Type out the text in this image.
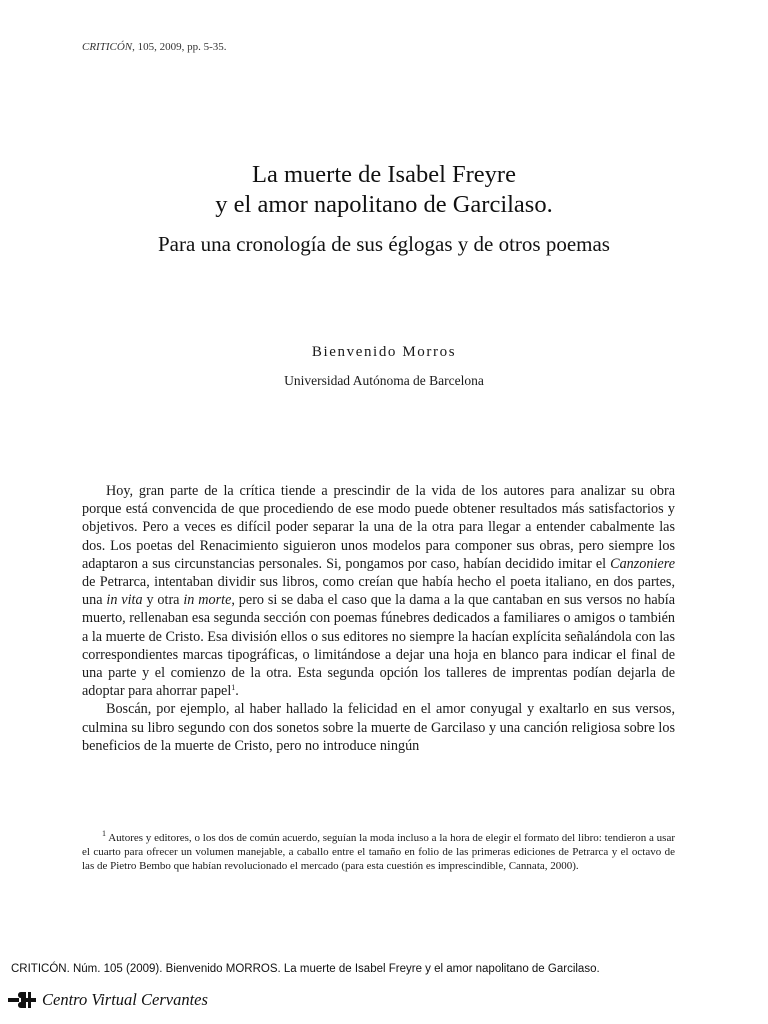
CRITICÓN, 105, 2009, pp. 5-35.
La muerte de Isabel Freyre
y el amor napolitano de Garcilaso.
Para una cronología de sus églogas y de otros poemas
Bienvenido Morros
Universidad Autónoma de Barcelona

Hoy, gran parte de la crítica tiende a prescindir de la vida de los autores para analizar su obra porque está convencida de que procediendo de ese modo puede obtener resultados más satisfactorios y objetivos. Pero a veces es difícil poder separar la una de la otra para llegar a entender cabalmente las dos. Los poetas del Renacimiento siguieron unos modelos para componer sus obras, pero siempre los adaptaron a sus circunstancias personales. Si, pongamos por caso, habían decidido imitar el Canzoniere de Petrarca, intentaban dividir sus libros, como creían que había hecho el poeta italiano, en dos partes, una in vita y otra in morte, pero si se daba el caso que la dama a la que cantaban en sus versos no había muerto, rellenaban esa segunda sección con poemas fúnebres dedicados a familiares o amigos o también a la muerte de Cristo. Esa división ellos o sus editores no siempre la hacían explícita señalándola con las correspondientes marcas tipográficas, o limitándose a dejar una hoja en blanco para indicar el final de una parte y el comienzo de la otra. Esta segunda opción los talleres de imprentas podían dejarla de adoptar para ahorrar papel$^1$.

Boscán, por ejemplo, al haber hallado la felicidad en el amor conyugal y exaltarlo en sus versos, culmina su libro segundo con dos sonetos sobre la muerte de Garcilaso y una canción religiosa sobre los beneficios de la muerte de Cristo, pero no introduce ningún

$^1$ Autores y editores, o los dos de común acuerdo, seguían la moda incluso a la hora de elegir el formato del libro: tendieron a usar el cuarto para ofrecer un volumen manejable, a caballo entre el tamaño en folio de las primeras ediciones de Petrarca y el octavo de las de Pietro Bembo que habían revolucionado el mercado (para esta cuestión es imprescindible, Cannata, 2000).

CRITICÓN. Núm. 105 (2009). Bienvenido MORROS. La muerte de Isabel Freyre y el amor napolitano de Garcilaso.
Centro Virtual Cervantes
